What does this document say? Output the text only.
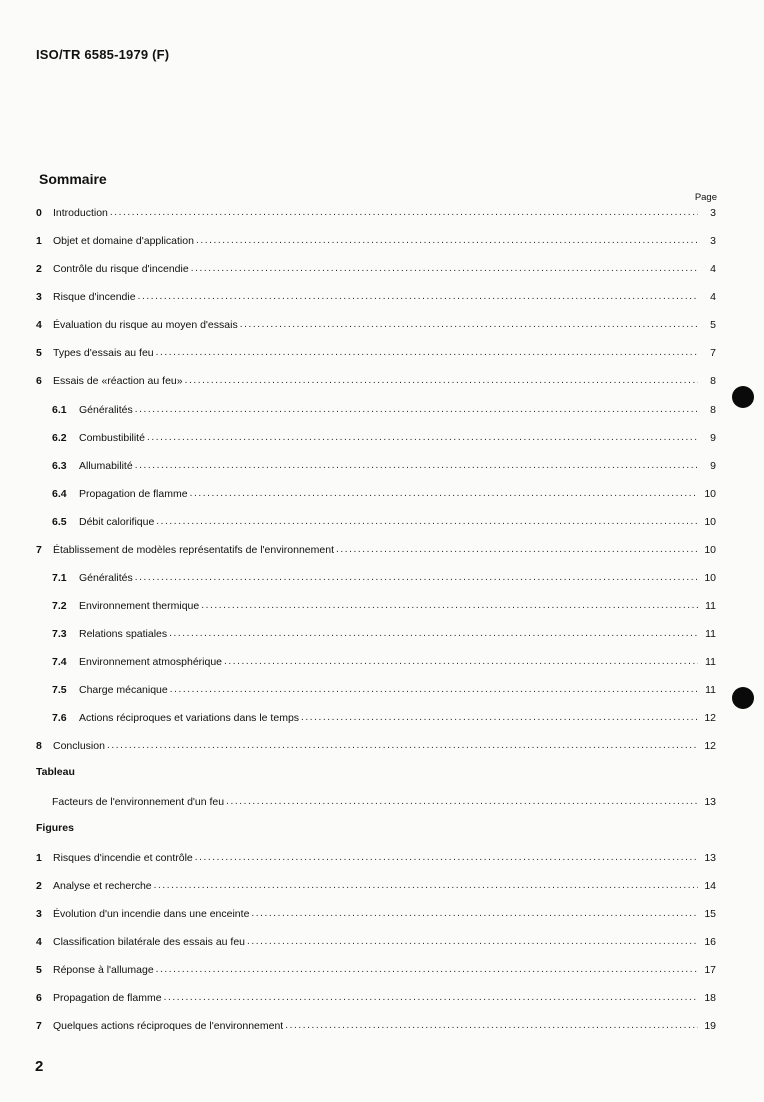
ISO/TR 6585-1979 (F)
Sommaire
Page
0	Introduction .....	3
1	Objet et domaine d'application .....	3
2	Contrôle du risque d'incendie .....	4
3	Risque d'incendie .....	4
4	Évaluation du risque au moyen d'essais .....	5
5	Types d'essais au feu .....	7
6	Essais de «réaction au feu» .....	8
6.1	Généralités .....	8
6.2	Combustibilité .....	9
6.3	Allumabilité .....	9
6.4	Propagation de flamme .....	10
6.5	Débit calorifique .....	10
7	Établissement de modèles représentatifs de l'environnement .....	10
7.1	Généralités .....	10
7.2	Environnement thermique .....	11
7.3	Relations spatiales .....	11
7.4	Environnement atmosphérique .....	11
7.5	Charge mécanique .....	11
7.6	Actions réciproques et variations dans le temps .....	12
8	Conclusion .....	12
Tableau
Facteurs de l'environnement d'un feu .....	13
Figures
1	Risques d'incendie et contrôle .....	13
2	Analyse et recherche .....	14
3	Évolution d'un incendie dans une enceinte .....	15
4	Classification bilatérale des essais au feu .....	16
5	Réponse à l'allumage .....	17
6	Propagation de flamme .....	18
7	Quelques actions réciproques de l'environnement .....	19
2
